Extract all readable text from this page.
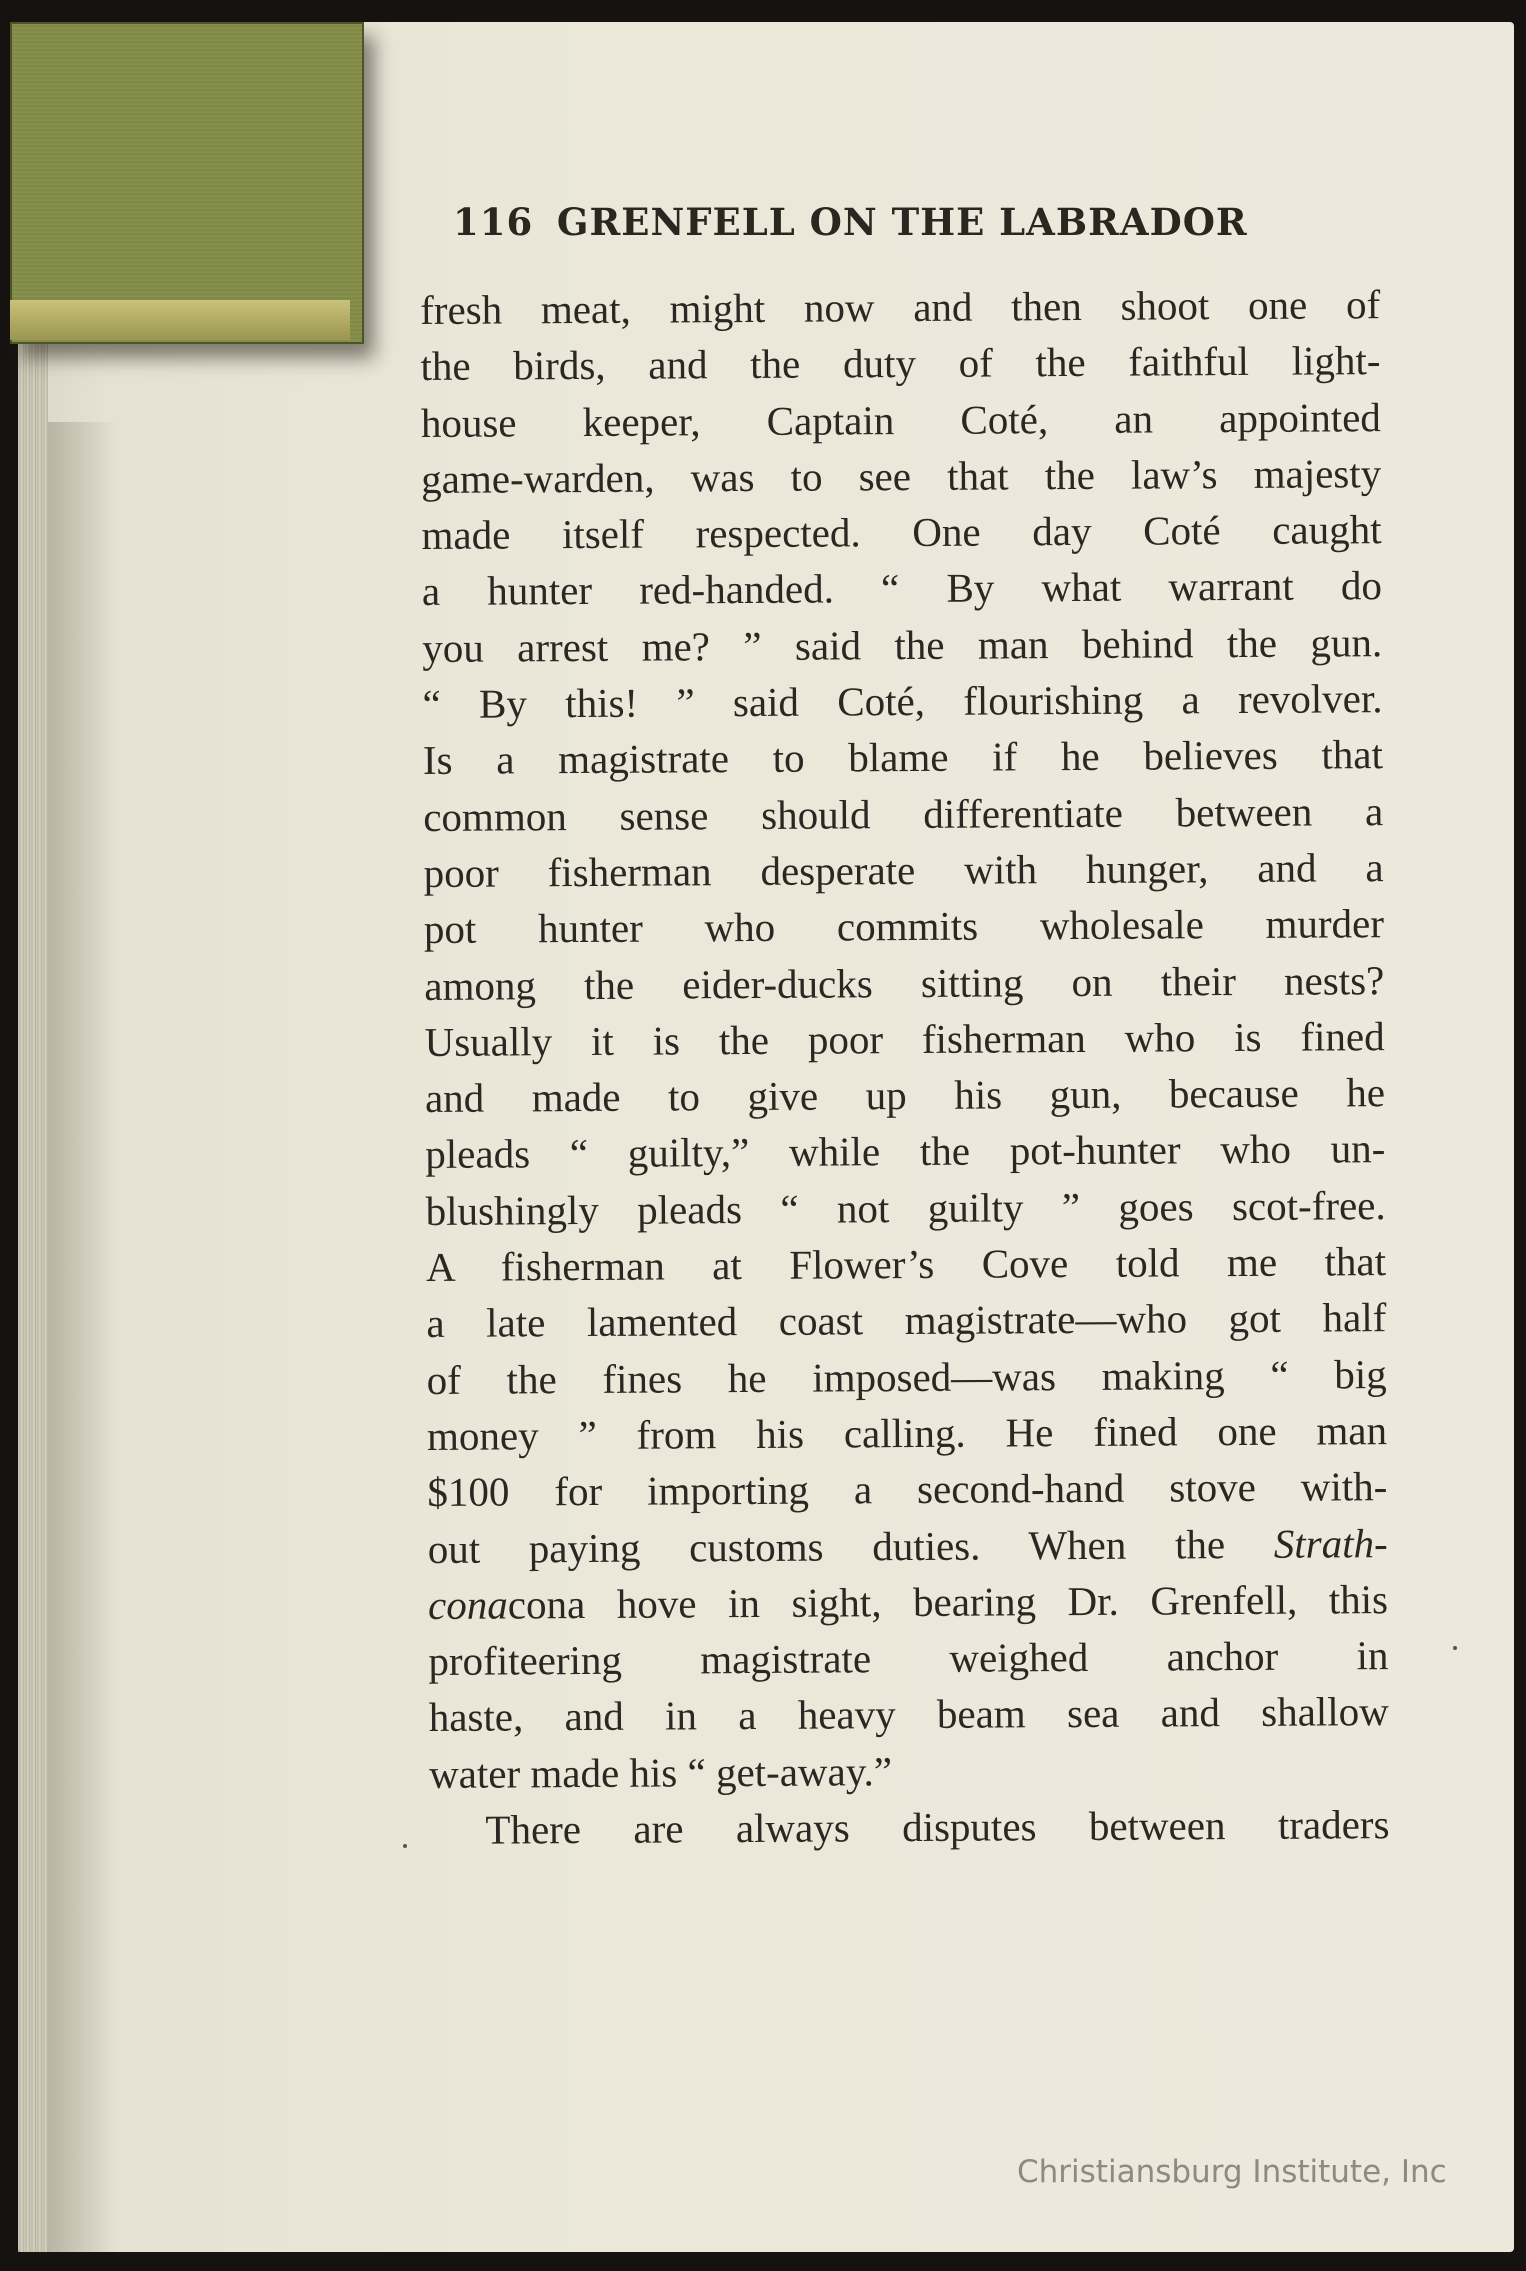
116 GRENFELL ON THE LABRADOR
fresh meat, might now and then shoot one of
the birds, and the duty of the faithful light-
house keeper, Captain Coté, an appointed
game-warden, was to see that the law’s majesty
made itself respected. One day Coté caught
a hunter red-handed. “ By what warrant do
you arrest me? ” said the man behind the gun.
“ By this! ” said Coté, flourishing a revolver.
Is a magistrate to blame if he believes that
common sense should differentiate between a
poor fisherman desperate with hunger, and a
pot hunter who commits wholesale murder
among the eider-ducks sitting on their nests?
Usually it is the poor fisherman who is fined
and made to give up his gun, because he
pleads “ guilty,” while the pot-hunter who un-
blushingly pleads “ not guilty ” goes scot-free.
A fisherman at Flower’s Cove told me that
a late lamented coast magistrate—who got half
of the fines he imposed—was making “ big
money ” from his calling. He fined one man
$100 for importing a second-hand stove with-
out paying customs duties. When the Strath-
conacona hove in sight, bearing Dr. Grenfell, this
profiteering magistrate weighed anchor in
haste, and in a heavy beam sea and shallow
water made his “ get-away.”
There are always disputes between traders
Christiansburg Institute, Inc
